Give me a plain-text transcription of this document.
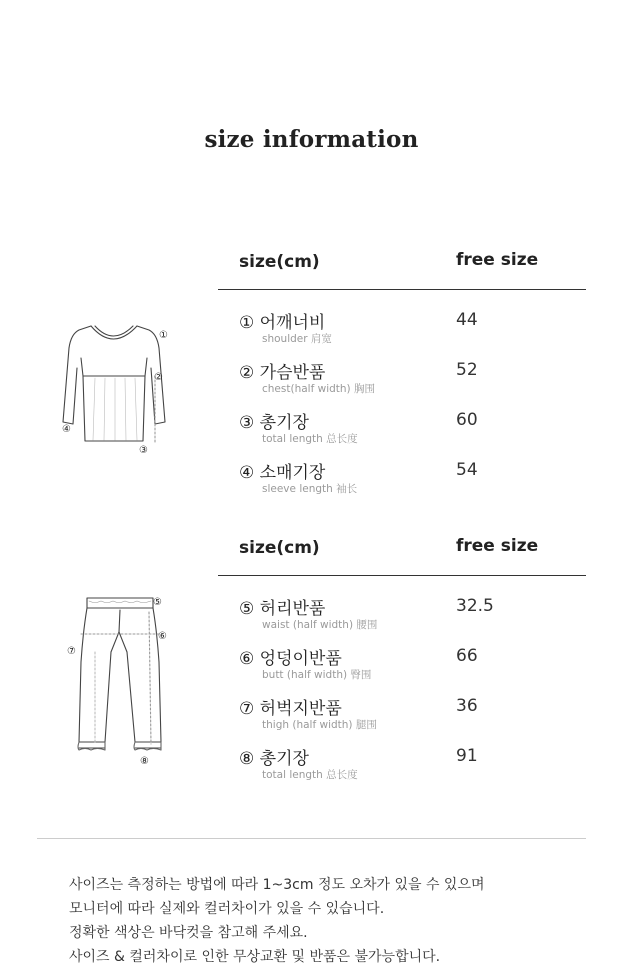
size information
①
②
③
④
size(cm)	free size
① 어깨너비
shoulder 肩宽
44
② 가슴반품
chest(half width) 胸围
52
③ 총기장
total length 总长度
60
④ 소매기장
sleeve length 袖长
54
⑤
⑥
⑦
⑧
size(cm)	free size
⑤ 허리반품
waist (half width) 腰围
32.5
⑥ 엉덩이반품
butt (half width) 臀围
66
⑦ 허벅지반품
thigh (half width) 腿围
36
⑧ 총기장
total length 总长度
91
사이즈는 측정하는 방법에 따라 1~3cm 정도 오차가 있을 수 있으며
모니터에 따라 실제와 컬러차이가 있을 수 있습니다.
정확한 색상은 바닥컷을 참고해 주세요.
사이즈 & 컬러차이로 인한 무상교환 및 반품은 불가능합니다.
